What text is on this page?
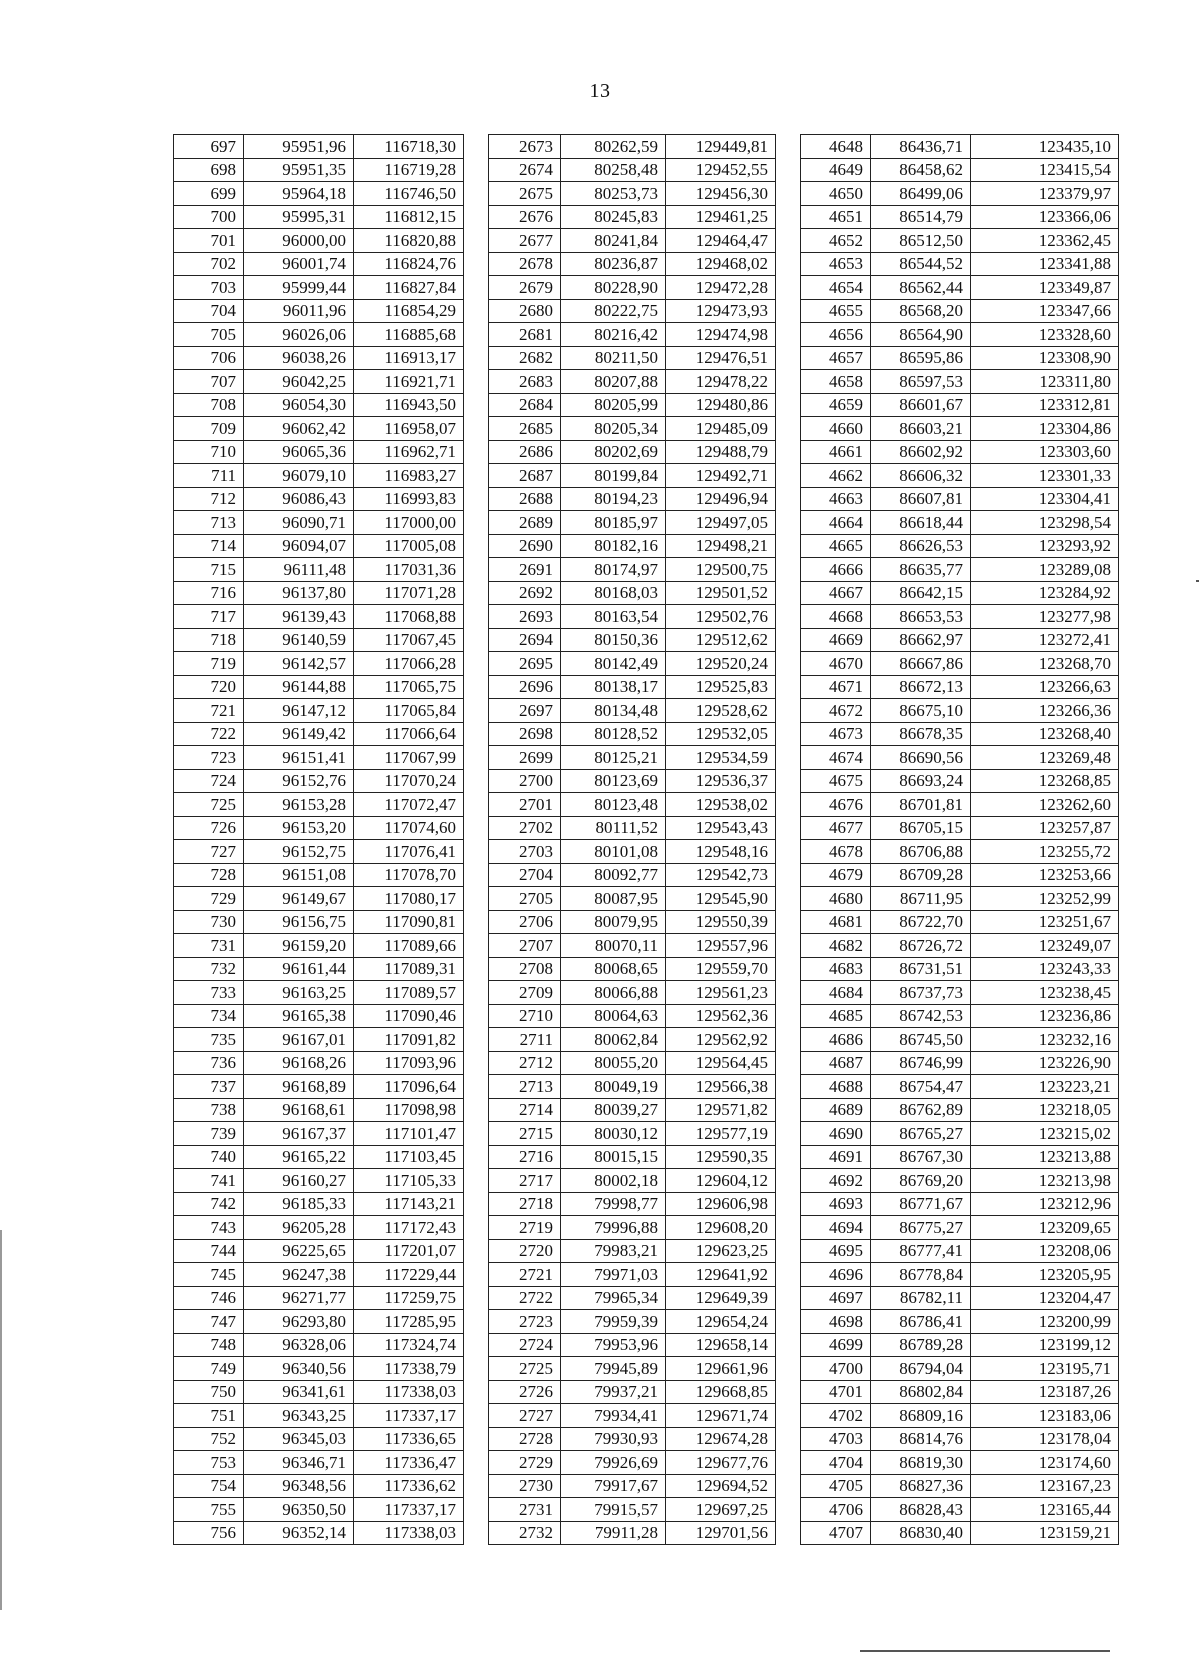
13
697	95951,96	116718,30		2673	80262,59	129449,81		4648	86436,71	123435,10
698	95951,35	116719,28		2674	80258,48	129452,55		4649	86458,62	123415,54
699	95964,18	116746,50		2675	80253,73	129456,30		4650	86499,06	123379,97
700	95995,31	116812,15		2676	80245,83	129461,25		4651	86514,79	123366,06
701	96000,00	116820,88		2677	80241,84	129464,47		4652	86512,50	123362,45
702	96001,74	116824,76		2678	80236,87	129468,02		4653	86544,52	123341,88
703	95999,44	116827,84		2679	80228,90	129472,28		4654	86562,44	123349,87
704	96011,96	116854,29		2680	80222,75	129473,93		4655	86568,20	123347,66
705	96026,06	116885,68		2681	80216,42	129474,98		4656	86564,90	123328,60
706	96038,26	116913,17		2682	80211,50	129476,51		4657	86595,86	123308,90
707	96042,25	116921,71		2683	80207,88	129478,22		4658	86597,53	123311,80
708	96054,30	116943,50		2684	80205,99	129480,86		4659	86601,67	123312,81
709	96062,42	116958,07		2685	80205,34	129485,09		4660	86603,21	123304,86
710	96065,36	116962,71		2686	80202,69	129488,79		4661	86602,92	123303,60
711	96079,10	116983,27		2687	80199,84	129492,71		4662	86606,32	123301,33
712	96086,43	116993,83		2688	80194,23	129496,94		4663	86607,81	123304,41
713	96090,71	117000,00		2689	80185,97	129497,05		4664	86618,44	123298,54
714	96094,07	117005,08		2690	80182,16	129498,21		4665	86626,53	123293,92
715	96111,48	117031,36		2691	80174,97	129500,75		4666	86635,77	123289,08
716	96137,80	117071,28		2692	80168,03	129501,52		4667	86642,15	123284,92
717	96139,43	117068,88		2693	80163,54	129502,76		4668	86653,53	123277,98
718	96140,59	117067,45		2694	80150,36	129512,62		4669	86662,97	123272,41
719	96142,57	117066,28		2695	80142,49	129520,24		4670	86667,86	123268,70
720	96144,88	117065,75		2696	80138,17	129525,83		4671	86672,13	123266,63
721	96147,12	117065,84		2697	80134,48	129528,62		4672	86675,10	123266,36
722	96149,42	117066,64		2698	80128,52	129532,05		4673	86678,35	123268,40
723	96151,41	117067,99		2699	80125,21	129534,59		4674	86690,56	123269,48
724	96152,76	117070,24		2700	80123,69	129536,37		4675	86693,24	123268,85
725	96153,28	117072,47		2701	80123,48	129538,02		4676	86701,81	123262,60
726	96153,20	117074,60		2702	80111,52	129543,43		4677	86705,15	123257,87
727	96152,75	117076,41		2703	80101,08	129548,16		4678	86706,88	123255,72
728	96151,08	117078,70		2704	80092,77	129542,73		4679	86709,28	123253,66
729	96149,67	117080,17		2705	80087,95	129545,90		4680	86711,95	123252,99
730	96156,75	117090,81		2706	80079,95	129550,39		4681	86722,70	123251,67
731	96159,20	117089,66		2707	80070,11	129557,96		4682	86726,72	123249,07
732	96161,44	117089,31		2708	80068,65	129559,70		4683	86731,51	123243,33
733	96163,25	117089,57		2709	80066,88	129561,23		4684	86737,73	123238,45
734	96165,38	117090,46		2710	80064,63	129562,36		4685	86742,53	123236,86
735	96167,01	117091,82		2711	80062,84	129562,92		4686	86745,50	123232,16
736	96168,26	117093,96		2712	80055,20	129564,45		4687	86746,99	123226,90
737	96168,89	117096,64		2713	80049,19	129566,38		4688	86754,47	123223,21
738	96168,61	117098,98		2714	80039,27	129571,82		4689	86762,89	123218,05
739	96167,37	117101,47		2715	80030,12	129577,19		4690	86765,27	123215,02
740	96165,22	117103,45		2716	80015,15	129590,35		4691	86767,30	123213,88
741	96160,27	117105,33		2717	80002,18	129604,12		4692	86769,20	123213,98
742	96185,33	117143,21		2718	79998,77	129606,98		4693	86771,67	123212,96
743	96205,28	117172,43		2719	79996,88	129608,20		4694	86775,27	123209,65
744	96225,65	117201,07		2720	79983,21	129623,25		4695	86777,41	123208,06
745	96247,38	117229,44		2721	79971,03	129641,92		4696	86778,84	123205,95
746	96271,77	117259,75		2722	79965,34	129649,39		4697	86782,11	123204,47
747	96293,80	117285,95		2723	79959,39	129654,24		4698	86786,41	123200,99
748	96328,06	117324,74		2724	79953,96	129658,14		4699	86789,28	123199,12
749	96340,56	117338,79		2725	79945,89	129661,96		4700	86794,04	123195,71
750	96341,61	117338,03		2726	79937,21	129668,85		4701	86802,84	123187,26
751	96343,25	117337,17		2727	79934,41	129671,74		4702	86809,16	123183,06
752	96345,03	117336,65		2728	79930,93	129674,28		4703	86814,76	123178,04
753	96346,71	117336,47		2729	79926,69	129677,76		4704	86819,30	123174,60
754	96348,56	117336,62		2730	79917,67	129694,52		4705	86827,36	123167,23
755	96350,50	117337,17		2731	79915,57	129697,25		4706	86828,43	123165,44
756	96352,14	117338,03		2732	79911,28	129701,56		4707	86830,40	123159,21
